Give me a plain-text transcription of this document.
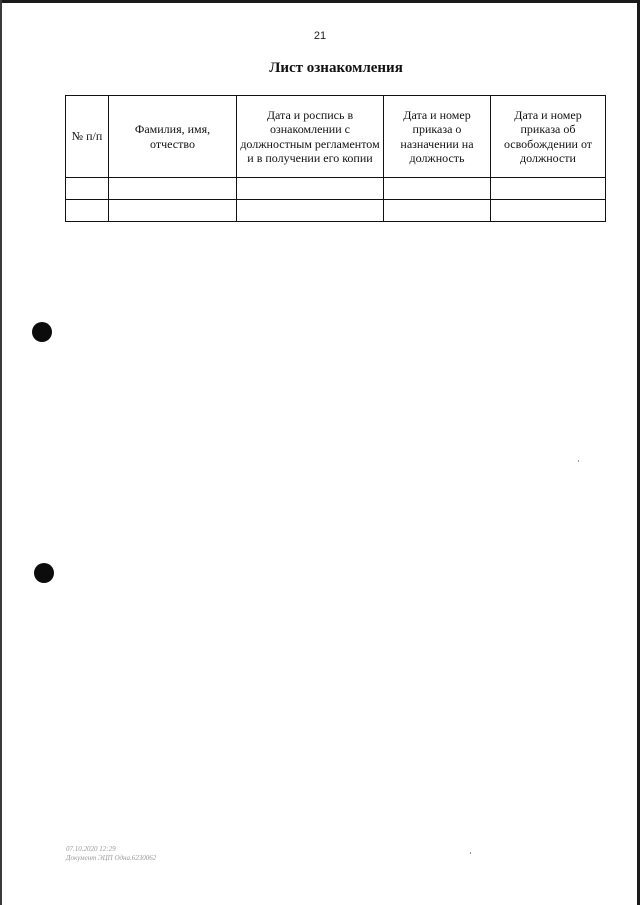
21
Лист ознакомления
№ п/п	Фамилия, имя, отчество	Дата и роспись в ознакомлении с должностным регламентом и в получении его копии	Дата и номер приказа о назначении на должность	Дата и номер приказа об освобождении от должности

07.10.2020 12:29
Документ ЭЦП Одна.6230062
